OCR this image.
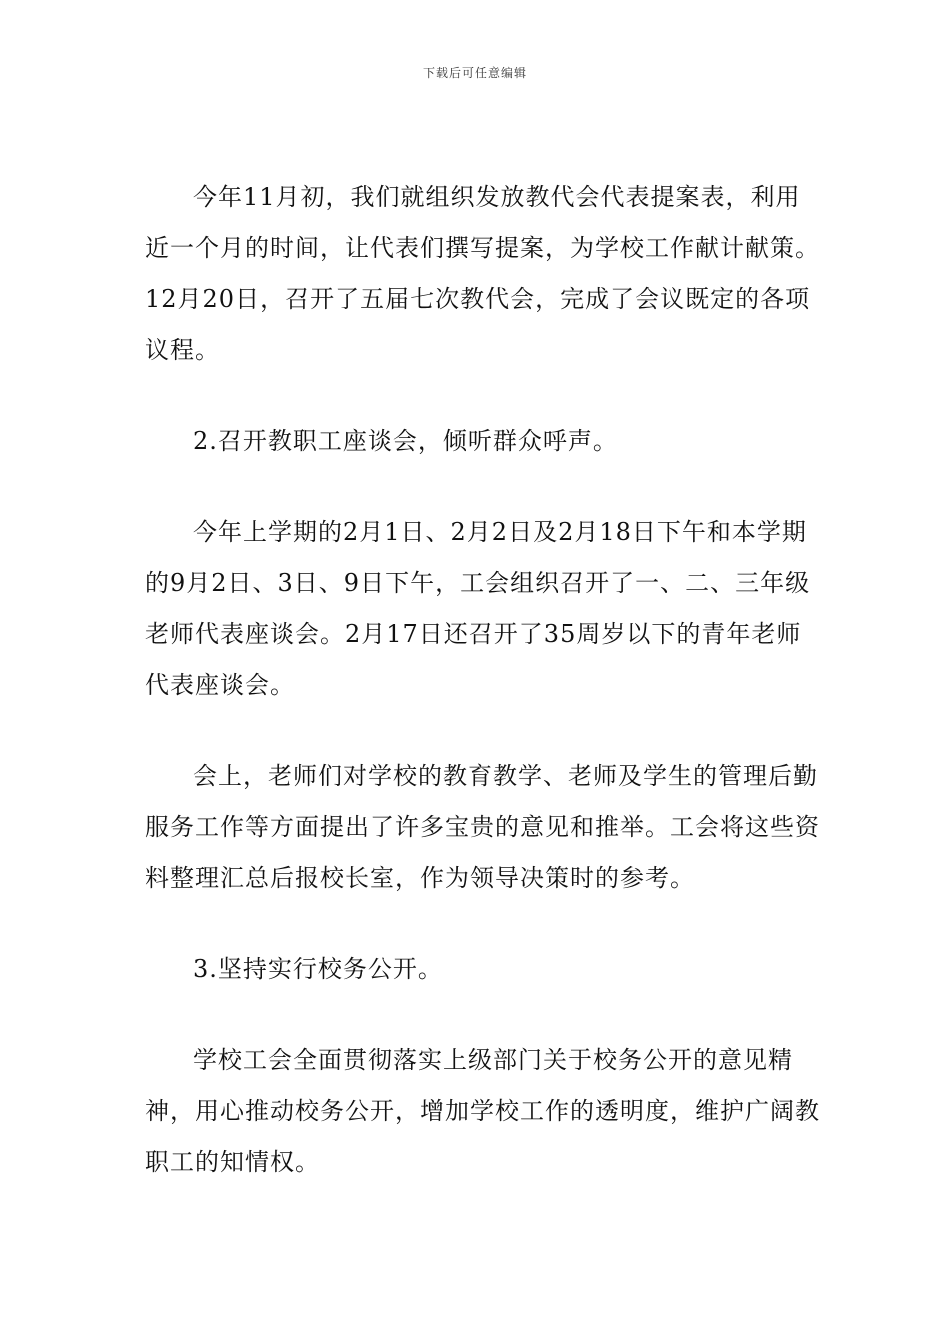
下载后可任意编辑

今年11月初，我们就组织发放教代会代表提案表，利用近一个月的时间，让代表们撰写提案，为学校工作献计献策。12月20日，召开了五届七次教代会，完成了会议既定的各项议程。

2.召开教职工座谈会，倾听群众呼声。

今年上学期的2月1日、2月2日及2月18日下午和本学期的9月2日、3日、9日下午，工会组织召开了一、二、三年级老师代表座谈会。2月17日还召开了35周岁以下的青年老师代表座谈会。

会上，老师们对学校的教育教学、老师及学生的管理后勤服务工作等方面提出了许多宝贵的意见和推举。工会将这些资料整理汇总后报校长室，作为领导决策时的参考。

3.坚持实行校务公开。

学校工会全面贯彻落实上级部门关于校务公开的意见精神，用心推动校务公开，增加学校工作的透明度，维护广阔教职工的知情权。
